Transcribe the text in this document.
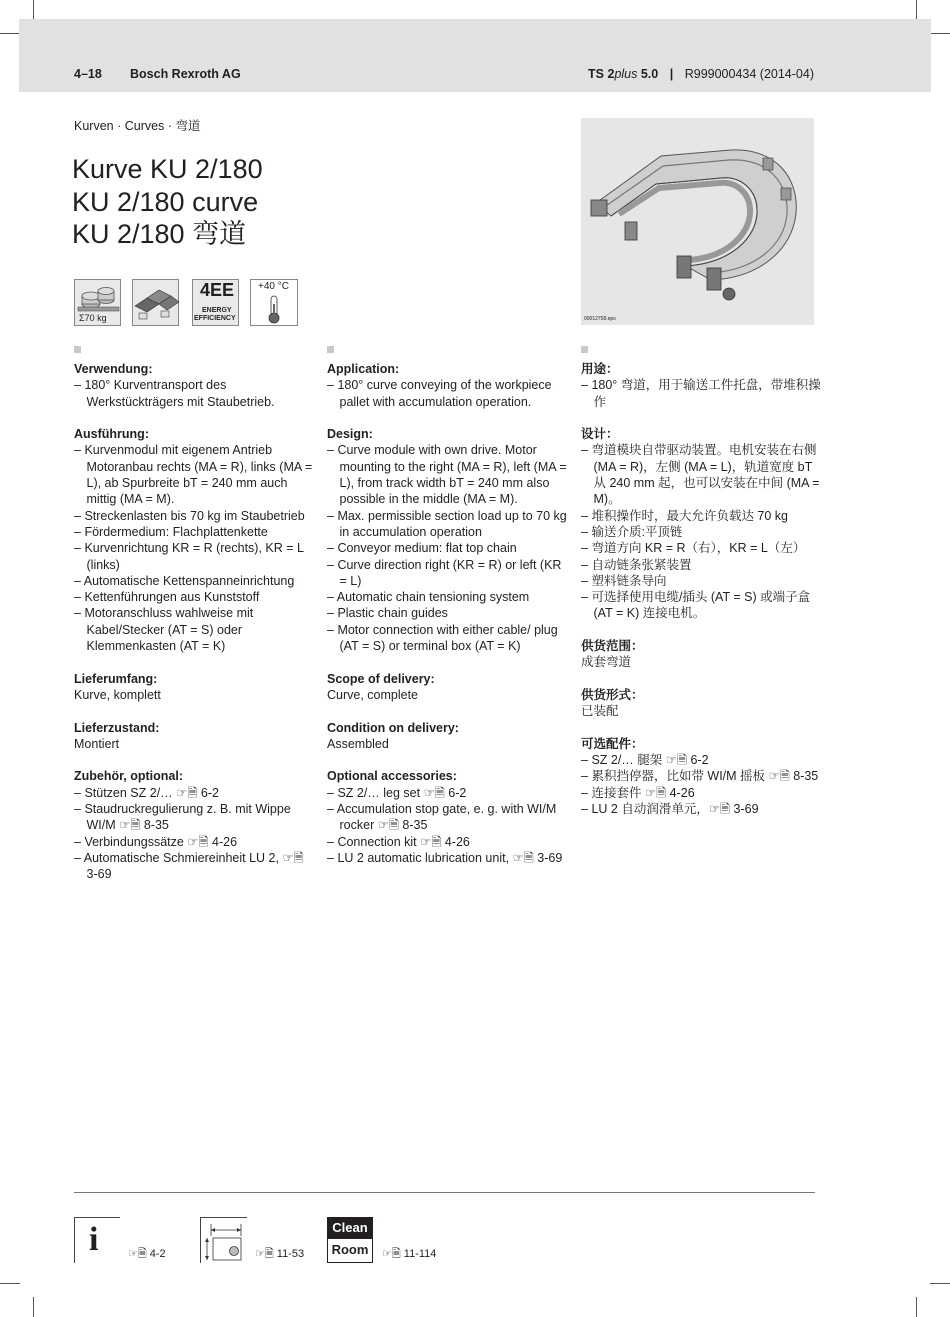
4–18 Bosch Rexroth AG	TS 2plus 5.0 | R999000434 (2014-04)
Kurven · Curves · 弯道
Kurve KU 2/180
KU 2/180 curve
KU 2/180 弯道
Σ70 kg
4EE
ENERGY
EFFICIENCY
+40 °C
00012758.eps
Verwendung:
– 180° Kurventransport des Werkstückträgers mit Staubetrieb.
Ausführung:
– Kurvenmodul mit eigenem Antrieb Motoranbau rechts (MA = R), links (MA = L), ab Spurbreite bT = 240 mm auch mittig (MA = M).
– Streckenlasten bis 70 kg im Staubetrieb
– Fördermedium: Flachplattenkette
– Kurvenrichtung KR = R (rechts), KR = L (links)
– Automatische Kettenspanneinrichtung
– Kettenführungen aus Kunststoff
– Motoranschluss wahlweise mit Kabel/Stecker (AT = S) oder Klemmenkasten (AT = K)
Lieferumfang:
Kurve, komplett
Lieferzustand:
Montiert
Zubehör, optional:
– Stützen SZ 2/… ☞🗎 6-2
– Staudruckregulierung z. B. mit Wippe WI/M ☞🗎 8-35
– Verbindungssätze ☞🗎 4-26
– Automatische Schmiereinheit LU 2, ☞🗎 3-69
Application:
– 180° curve conveying of the workpiece pallet with accumulation operation.
Design:
– Curve module with own drive. Motor mounting to the right (MA = R), left (MA = L), from track width bT = 240 mm also possible in the middle (MA = M).
– Max. permissible section load up to 70 kg in accumulation operation
– Conveyor medium: flat top chain
– Curve direction right (KR = R) or left (KR = L)
– Automatic chain tensioning system
– Plastic chain guides
– Motor connection with either cable/ plug (AT = S) or terminal box (AT = K)
Scope of delivery:
Curve, complete
Condition on delivery:
Assembled
Optional accessories:
– SZ 2/… leg set ☞🗎 6-2
– Accumulation stop gate, e. g. with WI/M rocker ☞🗎 8-35
– Connection kit ☞🗎 4-26
– LU 2 automatic lubrication unit, ☞🗎 3-69
用途：
– 180° 弯道，用于输送工件托盘，带堆积操作
设计：
– 弯道模块自带驱动装置。电机安装在右侧 (MA = R)，左侧 (MA = L)，轨道宽度 bT 从 240 mm 起，也可以安装在中间 (MA = M)。
– 堆积操作时，最大允许负载达 70 kg
– 输送介质:平顶链
– 弯道方向 KR = R（右），KR = L（左）
– 自动链条张紧装置
– 塑料链条导向
– 可选择使用电缆/插头 (AT = S) 或端子盒 (AT = K) 连接电机。
供货范围：
成套弯道
供货形式：
已装配
可选配件：
– SZ 2/… 腿架 ☞🗎 6-2
– 累积挡停器，比如带 WI/M 摇板 ☞🗎 8-35
– 连接套件 ☞🗎 4-26
– LU 2 自动润滑单元，☞🗎 3-69
i	☞🗎 4-2	☞🗎 11-53
Clean
Room	☞🗎 11-114
